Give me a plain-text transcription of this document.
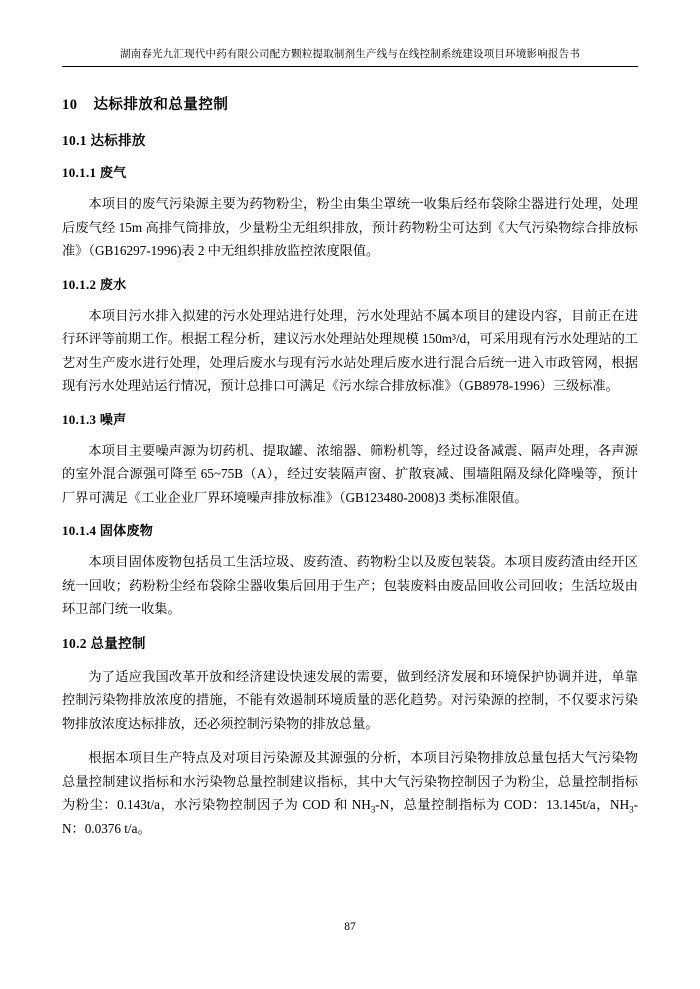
湖南春光九汇现代中药有限公司配方颗粒提取制剂生产线与在线控制系统建设项目环境影响报告书
10 达标排放和总量控制
10.1 达标排放
10.1.1 废气

本项目的废气污染源主要为药物粉尘，粉尘由集尘罩统一收集后经布袋除尘器进行处理，处理后废气经 15m 高排气筒排放，少量粉尘无组织排放，预计药物粉尘可达到《大气污染物综合排放标准》（GB16297-1996)表 2 中无组织排放监控浓度限值。

10.1.2 废水

本项目污水排入拟建的污水处理站进行处理，污水处理站不属本项目的建设内容，目前正在进行环评等前期工作。根据工程分析，建议污水处理站处理规模 150m³/d，可采用现有污水处理站的工艺对生产废水进行处理，处理后废水与现有污水站处理后废水进行混合后统一进入市政管网，根据现有污水处理站运行情况，预计总排口可满足《污水综合排放标准》（GB8978-1996）三级标准。

10.1.3 噪声

本项目主要噪声源为切药机、提取罐、浓缩器、筛粉机等，经过设备减震、隔声处理，各声源的室外混合源强可降至 65~75B（A），经过安装隔声窗、扩散衰减、围墙阻隔及绿化降噪等，预计厂界可满足《工业企业厂界环境噪声排放标准》（GB123480-2008)3 类标准限值。

10.1.4 固体废物

本项目固体废物包括员工生活垃圾、废药渣、药物粉尘以及废包装袋。本项目废药渣由经开区统一回收；药粉粉尘经布袋除尘器收集后回用于生产；包装废料由废品回收公司回收；生活垃圾由环卫部门统一收集。

10.2 总量控制

为了适应我国改革开放和经济建设快速发展的需要，做到经济发展和环境保护协调并进，单靠控制污染物排放浓度的措施，不能有效遏制环境质量的恶化趋势。对污染源的控制，不仅要求污染物排放浓度达标排放，还必须控制污染物的排放总量。

根据本项目生产特点及对项目污染源及其源强的分析，本项目污染物排放总量包括大气污染物总量控制建议指标和水污染物总量控制建议指标，其中大气污染物控制因子为粉尘，总量控制指标为粉尘：0.143t/a，水污染物控制因子为 COD 和 $NH_3-N$，总量控制指标为 COD：13.145t/a，$NH_3-N$：0.0376 t/a。

87
